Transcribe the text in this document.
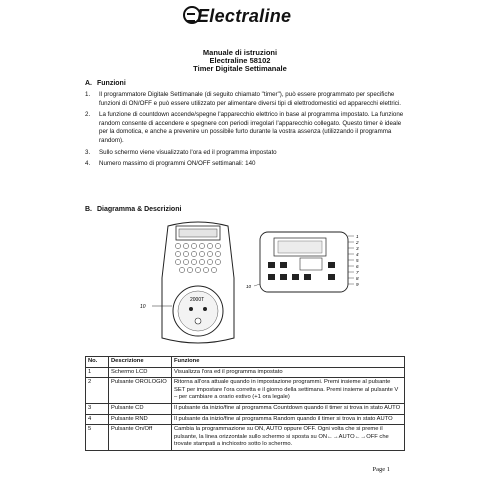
Electraline
Manuale di istruzioni
Electraline 58102
Timer Digitale Settimanale
A. Funzioni
1. Il programmatore Digitale Settimanale (di seguito chiamato "timer"), può essere programmato per specifiche funzioni di ON/OFF e può essere utilizzato per alimentare diversi tipi di elettrodomestici ed apparecchi elettrici.
2. La funzione di countdown accende/spegne l'apparecchio elettrico in base al programma impostato. La funzione random consente di accendere e spegnere con periodi irregolari l'apparecchio collegato. Questo timer è ideale per la domotica, e anche a prevenire un possibile furto durante la vostra assenza (utilizzando il programma random).
3. Sullo schermo viene visualizzato l'ora ed il programma impostato
4. Numero massimo di programmi ON/OFF settimanali: 140
B. Diagramma & Descrizioni
2000T
10
1
2
3
4
5
6
7
8
9
10
No.	Descrizione	Funzione
1	Schermo LCD	Visualizza l'ora ed il programma impostato
2	Pulsante OROLOGIO	Ritorna all'ora attuale quando in impostazione programmi. Premi insieme al pulsante SET per impostare l'ora corretta e il giorno della settimana. Premi insieme al pulsante V – per cambiare a orario estivo (+1 ora legale)
3	Pulsante CD	Il pulsante da inizio/fine al programma Countdown quando il timer si trova in stato AUTO
4	Pulsante RND	Il pulsante da inizio/fine al programma Random quando il timer si trova in stato AUTO
5	Pulsante On/Off	Cambia la programmazione su ON, AUTO oppure OFF. Ogni volta che si preme il pulsante, la linea orizzontale sullo schermo si sposta su ON←→AUTO←→OFF che trovate stampati a inchiostro sotto lo schermo.
Page 1
